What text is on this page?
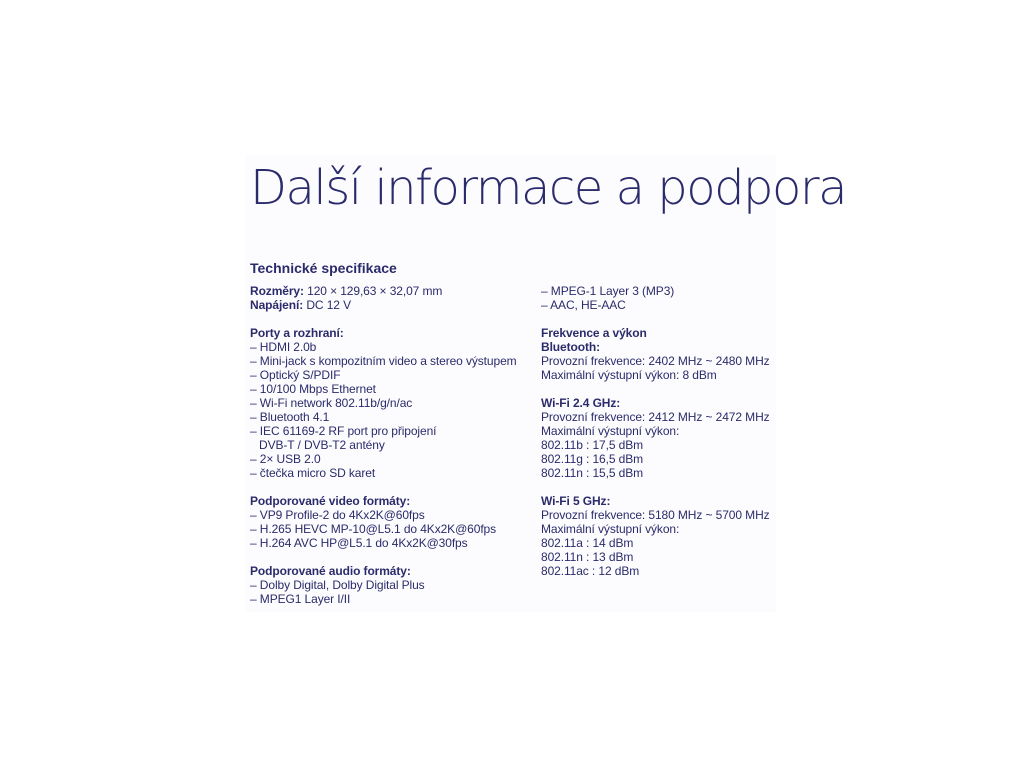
Další informace a podpora
Technické specifikace
Rozměry: 120 × 129,63 × 32,07 mm
Napájení: DC 12 V
Porty a rozhraní:
– HDMI 2.0b
– Mini-jack s kompozitním video a stereo výstupem
– Optický S/PDIF
– 10/100 Mbps Ethernet
– Wi-Fi network 802.11b/g/n/ac
– Bluetooth 4.1
– IEC 61169-2 RF port pro připojení
DVB-T / DVB-T2 antény
– 2× USB 2.0
– čtečka micro SD karet
Podporované video formáty:
– VP9 Profile-2 do 4Kx2K@60fps
– H.265 HEVC MP-10@L5.1 do 4Kx2K@60fps
– H.264 AVC HP@L5.1 do 4Kx2K@30fps
Podporované audio formáty:
– Dolby Digital, Dolby Digital Plus
– MPEG1 Layer I/II
– MPEG-1 Layer 3 (MP3)
– AAC, HE-AAC
Frekvence a výkon
Bluetooth:
Provozní frekvence: 2402 MHz ~ 2480 MHz
Maximální výstupní výkon: 8 dBm
Wi-Fi 2.4 GHz:
Provozní frekvence: 2412 MHz ~ 2472 MHz
Maximální výstupní výkon:
802.11b : 17,5 dBm
802.11g : 16,5 dBm
802.11n : 15,5 dBm
Wi-Fi 5 GHz:
Provozní frekvence: 5180 MHz ~ 5700 MHz
Maximální výstupní výkon:
802.11a : 14 dBm
802.11n : 13 dBm
802.11ac : 12 dBm
